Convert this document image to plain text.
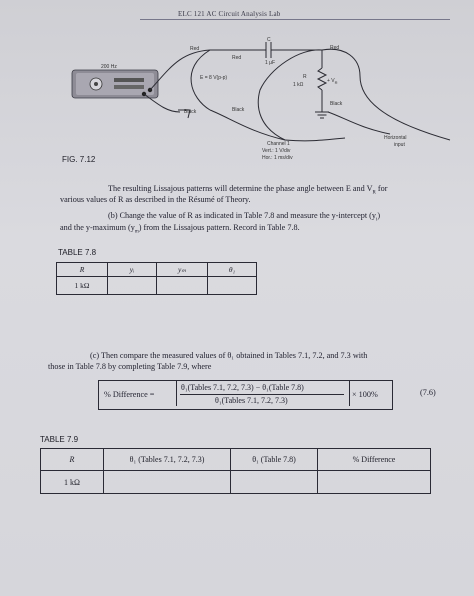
ELC 121 AC Circuit Analysis Lab
200 Hz
Red
Red
Red
E = 8 V(p-p)
Black	Black
Black
C
1 μF
R
1 kΩ
+ $V_R$
Channel 1
Vert.: 1 V/div
Hor.: 1 ms/div
Horizontal
input
FIG. 7.12
The resulting Lissajous patterns will determine the phase angle between E and $V_R$ for
various values of R as described in the Résumé of Theory.
(b) Change the value of R as indicated in Table 7.8 and measure the y-intercept $(y_i)$
and the y-maximum $(y_m)$ from the Lissajous pattern. Record in Table 7.8.
TABLE 7.8
R	yᵢ	yₘ	θ₁
1 kΩ			
(c) Then compare the measured values of θ₁ obtained in Tables 7.1, 7.2, and 7.3 with
those in Table 7.8 by completing Table 7.9, where
% Difference =
θ₁(Tables 7.1, 7.2, 7.3) − θ₁(Table 7.8)
θ₁(Tables 7.1, 7.2, 7.3)
× 100%	(7.6)
TABLE 7.9
R	θ₁ (Tables 7.1, 7.2, 7.3)	θ₁ (Table 7.8)	% Difference
1 kΩ			
